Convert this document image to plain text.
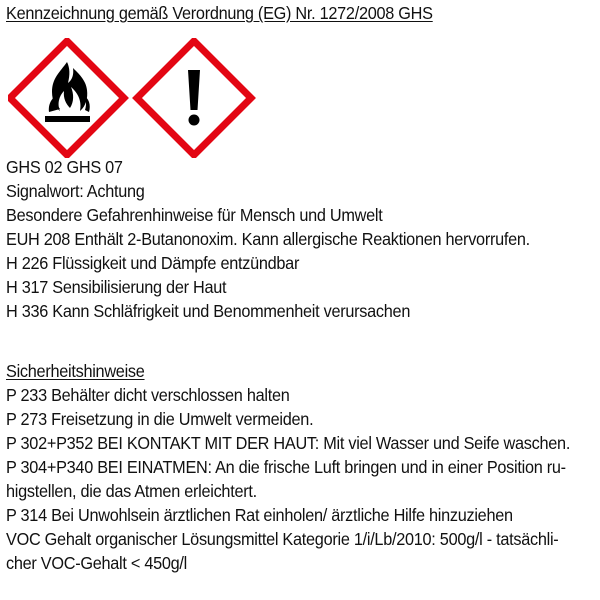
Kennzeichnung gemäß Verordnung (EG) Nr. 1272/2008 GHS

GHS 02 GHS 07

Signalwort: Achtung

Besondere Gefahrenhinweise für Mensch und Umwelt

EUH 208 Enthält 2-Butanonoxim. Kann allergische Reaktionen hervorrufen.

H 226 Flüssigkeit und Dämpfe entzündbar

H 317 Sensibilisierung der Haut

H 336 Kann Schläfrigkeit und Benommenheit verursachen

Sicherheitshinweise

P 233 Behälter dicht verschlossen halten

P 273 Freisetzung in die Umwelt vermeiden.

P 302+P352 BEI KONTAKT MIT DER HAUT: Mit viel Wasser und Seife waschen.

P 304+P340 BEI EINATMEN: An die frische Luft bringen und in einer Position ru-

higstellen, die das Atmen erleichtert.

P 314 Bei Unwohlsein ärztlichen Rat einholen/ ärztliche Hilfe hinzuziehen

VOC Gehalt organischer Lösungsmittel Kategorie 1/i/Lb/2010: 500g/l - tatsächli-

cher VOC-Gehalt < 450g/l
